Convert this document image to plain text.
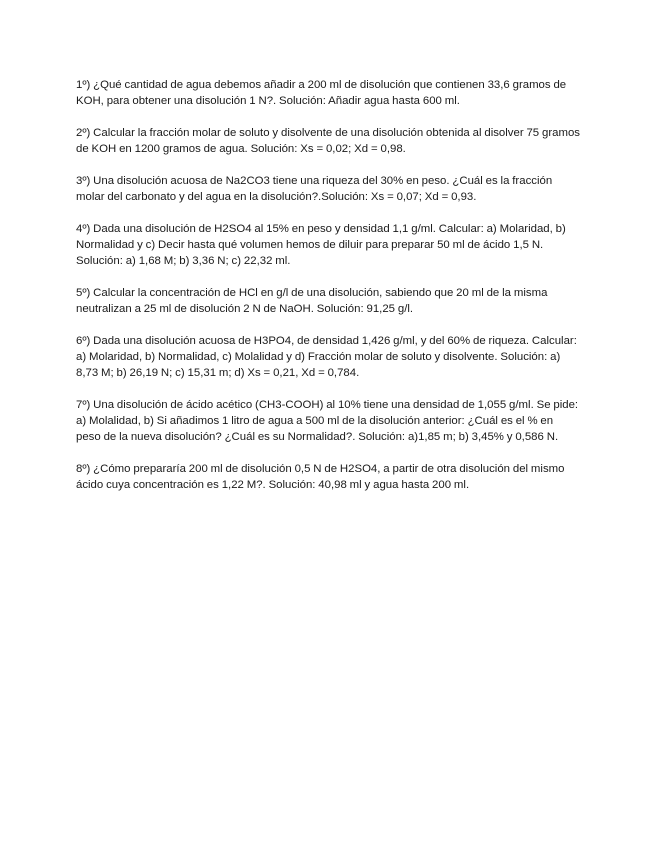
1º) ¿Qué cantidad de agua debemos añadir a 200 ml de disolución que contienen 33,6 gramos de KOH, para obtener una disolución 1 N?. Solución: Añadir agua hasta 600 ml.

2º) Calcular la fracción molar de soluto y disolvente de una disolución obtenida al disolver 75 gramos de KOH en 1200 gramos de agua. Solución: Xs = 0,02; Xd = 0,98.

3º) Una disolución acuosa de Na2CO3 tiene una riqueza del 30% en peso. ¿Cuál es la fracción molar del carbonato y del agua en la disolución?.Solución: Xs = 0,07; Xd = 0,93.

4º) Dada una disolución de H2SO4 al 15% en peso y densidad 1,1 g/ml. Calcular: a) Molaridad, b) Normalidad y c) Decir hasta qué volumen hemos de diluir para preparar 50 ml de ácido 1,5 N. Solución: a) 1,68 M; b) 3,36 N; c) 22,32 ml.

5º) Calcular la concentración de HCl en g/l de una disolución, sabiendo que 20 ml de la misma neutralizan a 25 ml de disolución 2 N de NaOH. Solución: 91,25 g/l.

6º) Dada una disolución acuosa de H3PO4, de densidad 1,426 g/ml, y del 60% de riqueza. Calcular: a) Molaridad, b) Normalidad, c) Molalidad y d) Fracción molar de soluto y disolvente. Solución: a) 8,73 M; b) 26,19 N; c) 15,31 m; d) Xs = 0,21, Xd = 0,784.

7º) Una disolución de ácido acético (CH3-COOH) al 10% tiene una densidad de 1,055 g/ml. Se pide: a) Molalidad, b) Si añadimos 1 litro de agua a 500 ml de la disolución anterior: ¿Cuál es el % en peso de la nueva disolución? ¿Cuál es su Normalidad?. Solución: a)1,85 m; b) 3,45% y 0,586 N.

8º) ¿Cómo prepararía 200 ml de disolución 0,5 N de H2SO4, a partir de otra disolución del mismo ácido cuya concentración es 1,22 M?. Solución: 40,98 ml y agua hasta 200 ml.
